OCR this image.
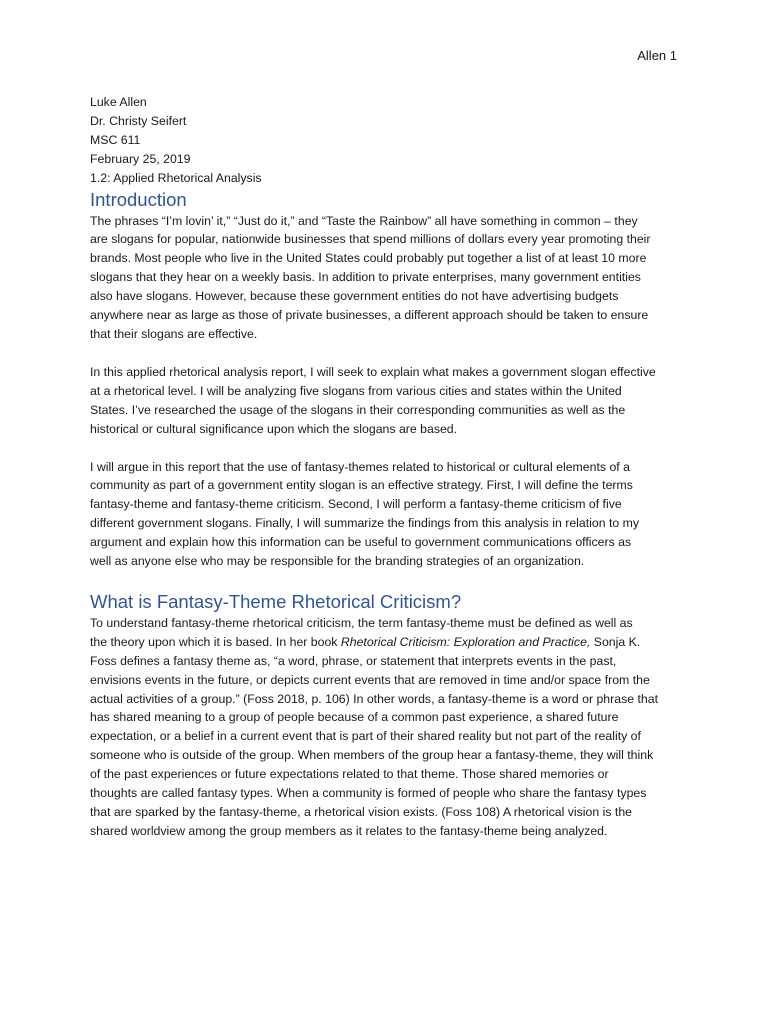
Allen 1
Luke Allen
Dr. Christy Seifert
MSC 611
February 25, 2019
1.2: Applied Rhetorical Analysis
Introduction

The phrases “I’m lovin’ it,” “Just do it,” and “Taste the Rainbow” all have something in common – they
are slogans for popular, nationwide businesses that spend millions of dollars every year promoting their
brands. Most people who live in the United States could probably put together a list of at least 10 more
slogans that they hear on a weekly basis. In addition to private enterprises, many government entities
also have slogans. However, because these government entities do not have advertising budgets
anywhere near as large as those of private businesses, a different approach should be taken to ensure
that their slogans are effective.

In this applied rhetorical analysis report, I will seek to explain what makes a government slogan effective
at a rhetorical level. I will be analyzing five slogans from various cities and states within the United
States. I’ve researched the usage of the slogans in their corresponding communities as well as the
historical or cultural significance upon which the slogans are based.

I will argue in this report that the use of fantasy-themes related to historical or cultural elements of a
community as part of a government entity slogan is an effective strategy. First, I will define the terms
fantasy-theme and fantasy-theme criticism. Second, I will perform a fantasy-theme criticism of five
different government slogans. Finally, I will summarize the findings from this analysis in relation to my
argument and explain how this information can be useful to government communications officers as
well as anyone else who may be responsible for the branding strategies of an organization.

What is Fantasy-Theme Rhetorical Criticism?

To understand fantasy-theme rhetorical criticism, the term fantasy-theme must be defined as well as
the theory upon which it is based. In her book Rhetorical Criticism: Exploration and Practice, Sonja K.
Foss defines a fantasy theme as, “a word, phrase, or statement that interprets events in the past,
envisions events in the future, or depicts current events that are removed in time and/or space from the
actual activities of a group.” (Foss 2018, p. 106) In other words, a fantasy-theme is a word or phrase that
has shared meaning to a group of people because of a common past experience, a shared future
expectation, or a belief in a current event that is part of their shared reality but not part of the reality of
someone who is outside of the group. When members of the group hear a fantasy-theme, they will think
of the past experiences or future expectations related to that theme. Those shared memories or
thoughts are called fantasy types. When a community is formed of people who share the fantasy types
that are sparked by the fantasy-theme, a rhetorical vision exists. (Foss 108) A rhetorical vision is the
shared worldview among the group members as it relates to the fantasy-theme being analyzed.
